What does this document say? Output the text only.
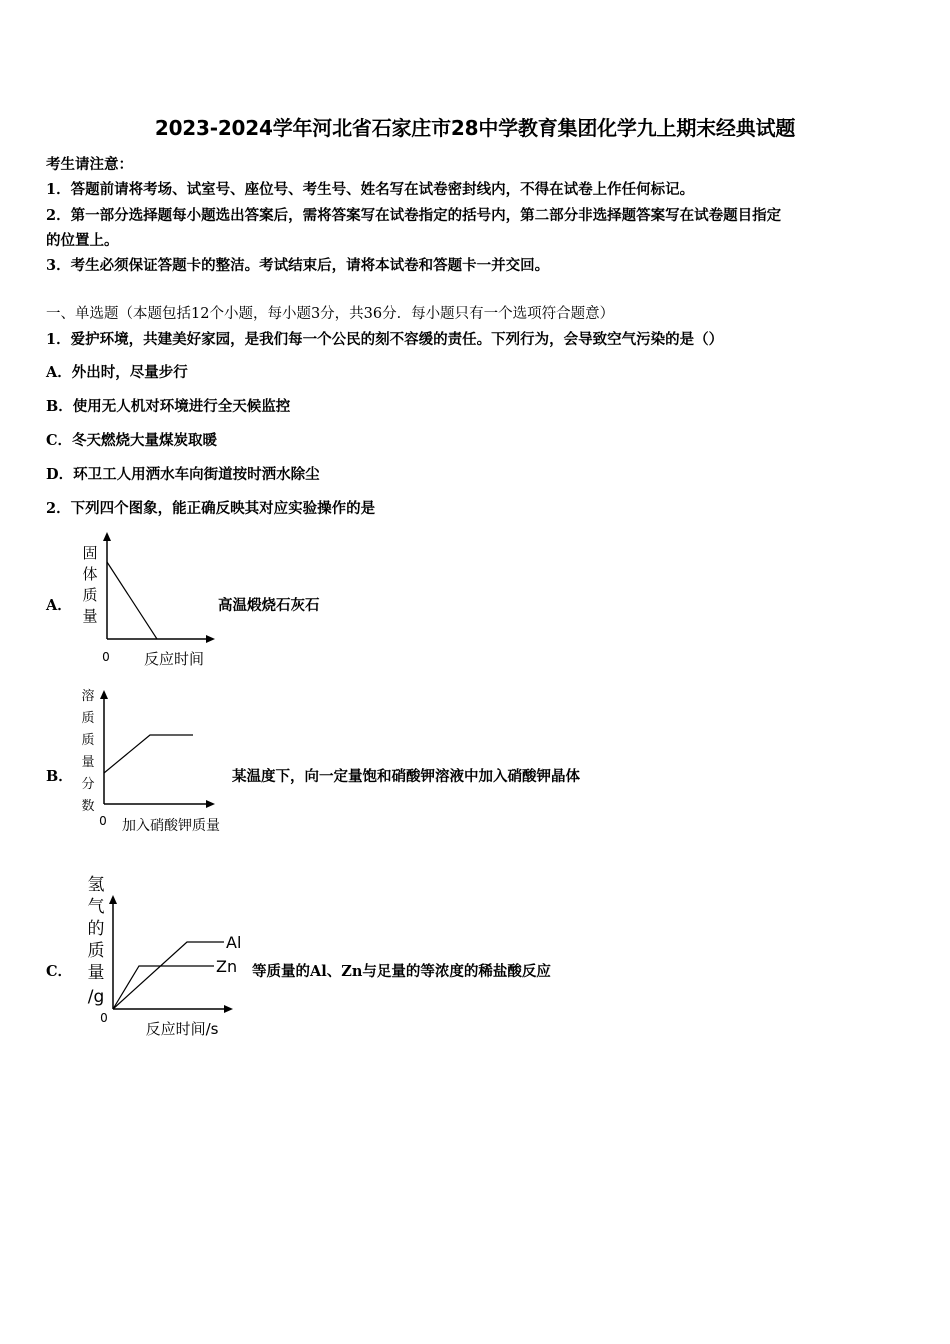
2023-2024学年河北省石家庄市28中学教育集团化学九上期末经典试题
考生请注意：
1．答题前请将考场、试室号、座位号、考生号、姓名写在试卷密封线内，不得在试卷上作任何标记。
2．第一部分选择题每小题选出答案后，需将答案写在试卷指定的括号内，第二部分非选择题答案写在试卷题目指定
的位置上。
3．考生必须保证答题卡的整洁。考试结束后，请将本试卷和答题卡一并交回。
一、单选题（本题包括12个小题，每小题3分，共36分．每小题只有一个选项符合题意）
1．爱护环境，共建美好家园，是我们每一个公民的刻不容缓的责任。下列行为，会导致空气污染的是（）
A．外出时，尽量步行
B．使用无人机对环境进行全天候监控
C．冬天燃烧大量煤炭取暖
D．环卫工人用洒水车向街道按时洒水除尘
2．下列四个图象，能正确反映其对应实验操作的是
A．
固
体
质
量
0 反应时间
高温煅烧石灰石
B．
溶
质
质
量
分
数
0 加入硝酸钾质量
某温度下，向一定量饱和硝酸钾溶液中加入硝酸钾晶体
C．
氢
气
的
质
量
/g
Al
Zn
0
反应时间/s
等质量的Al、Zn与足量的等浓度的稀盐酸反应
